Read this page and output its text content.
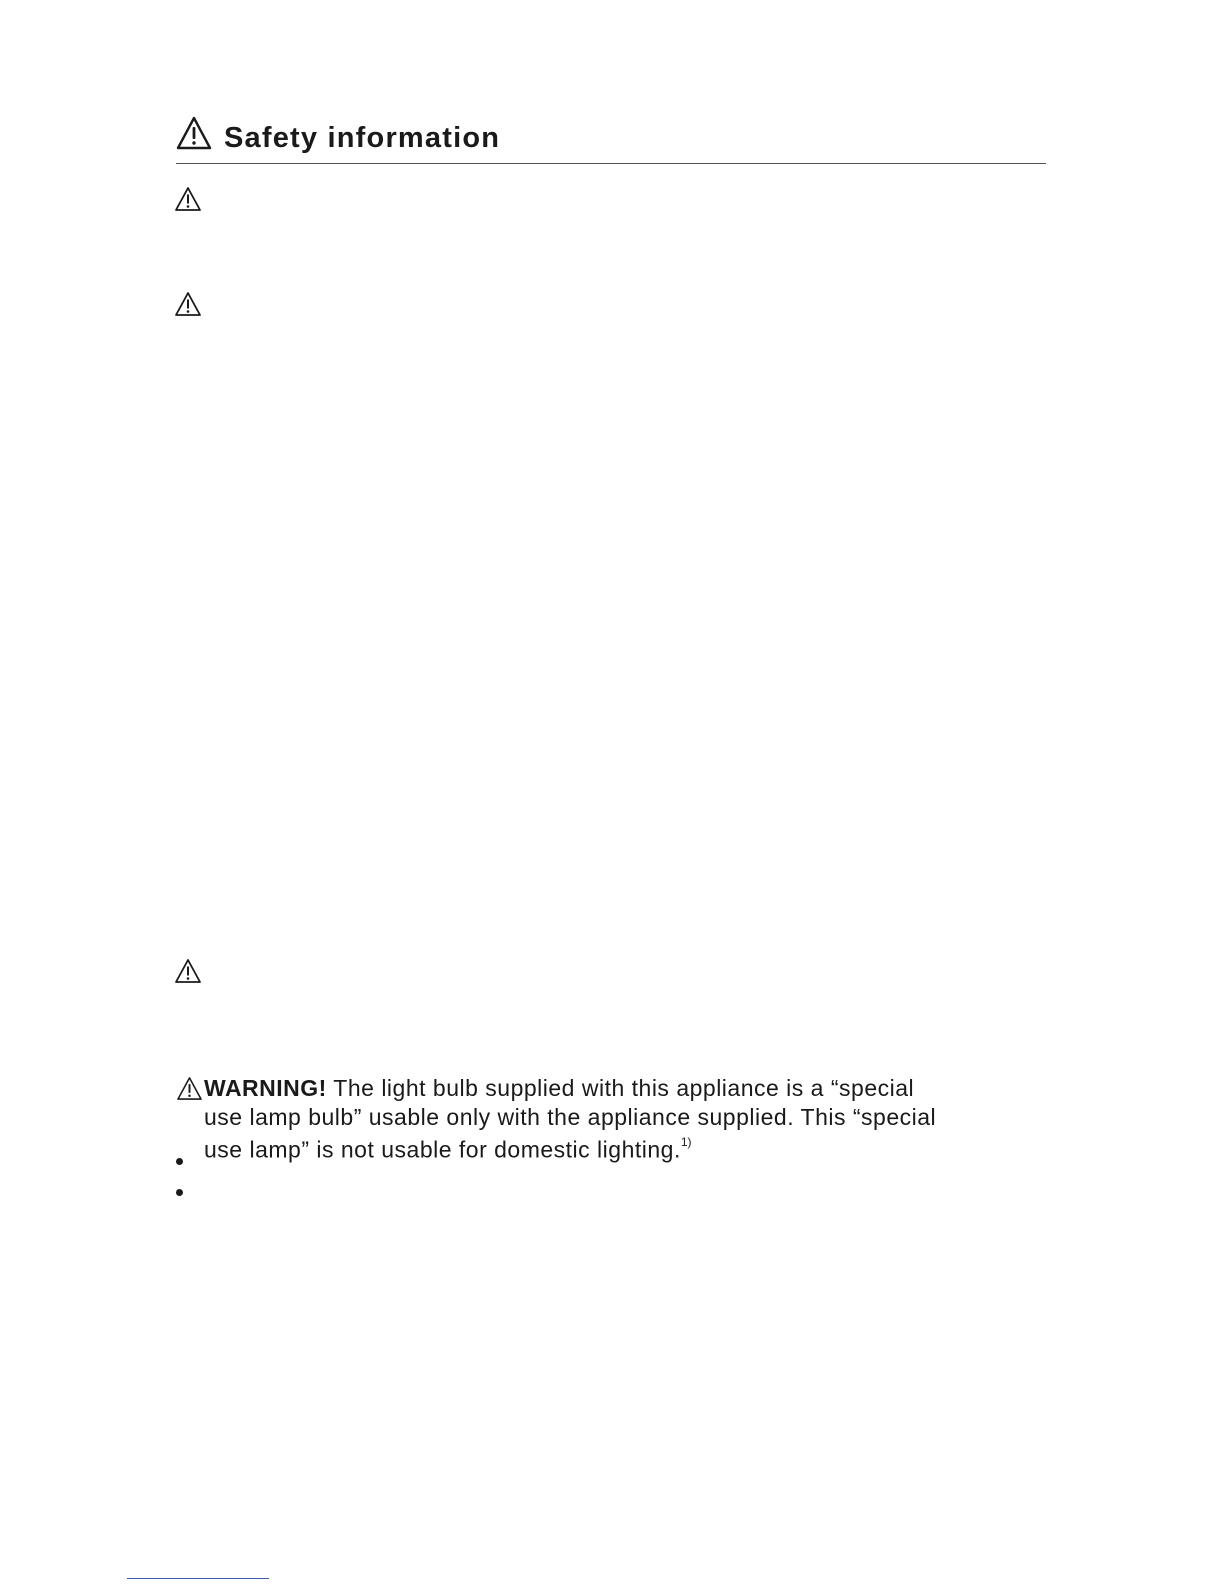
Safety information
WARNING! The light bulb supplied with this appliance is a “special
use lamp bulb” usable only with the appliance supplied. This “special
use lamp” is not usable for domestic lighting.$^{1)}$
